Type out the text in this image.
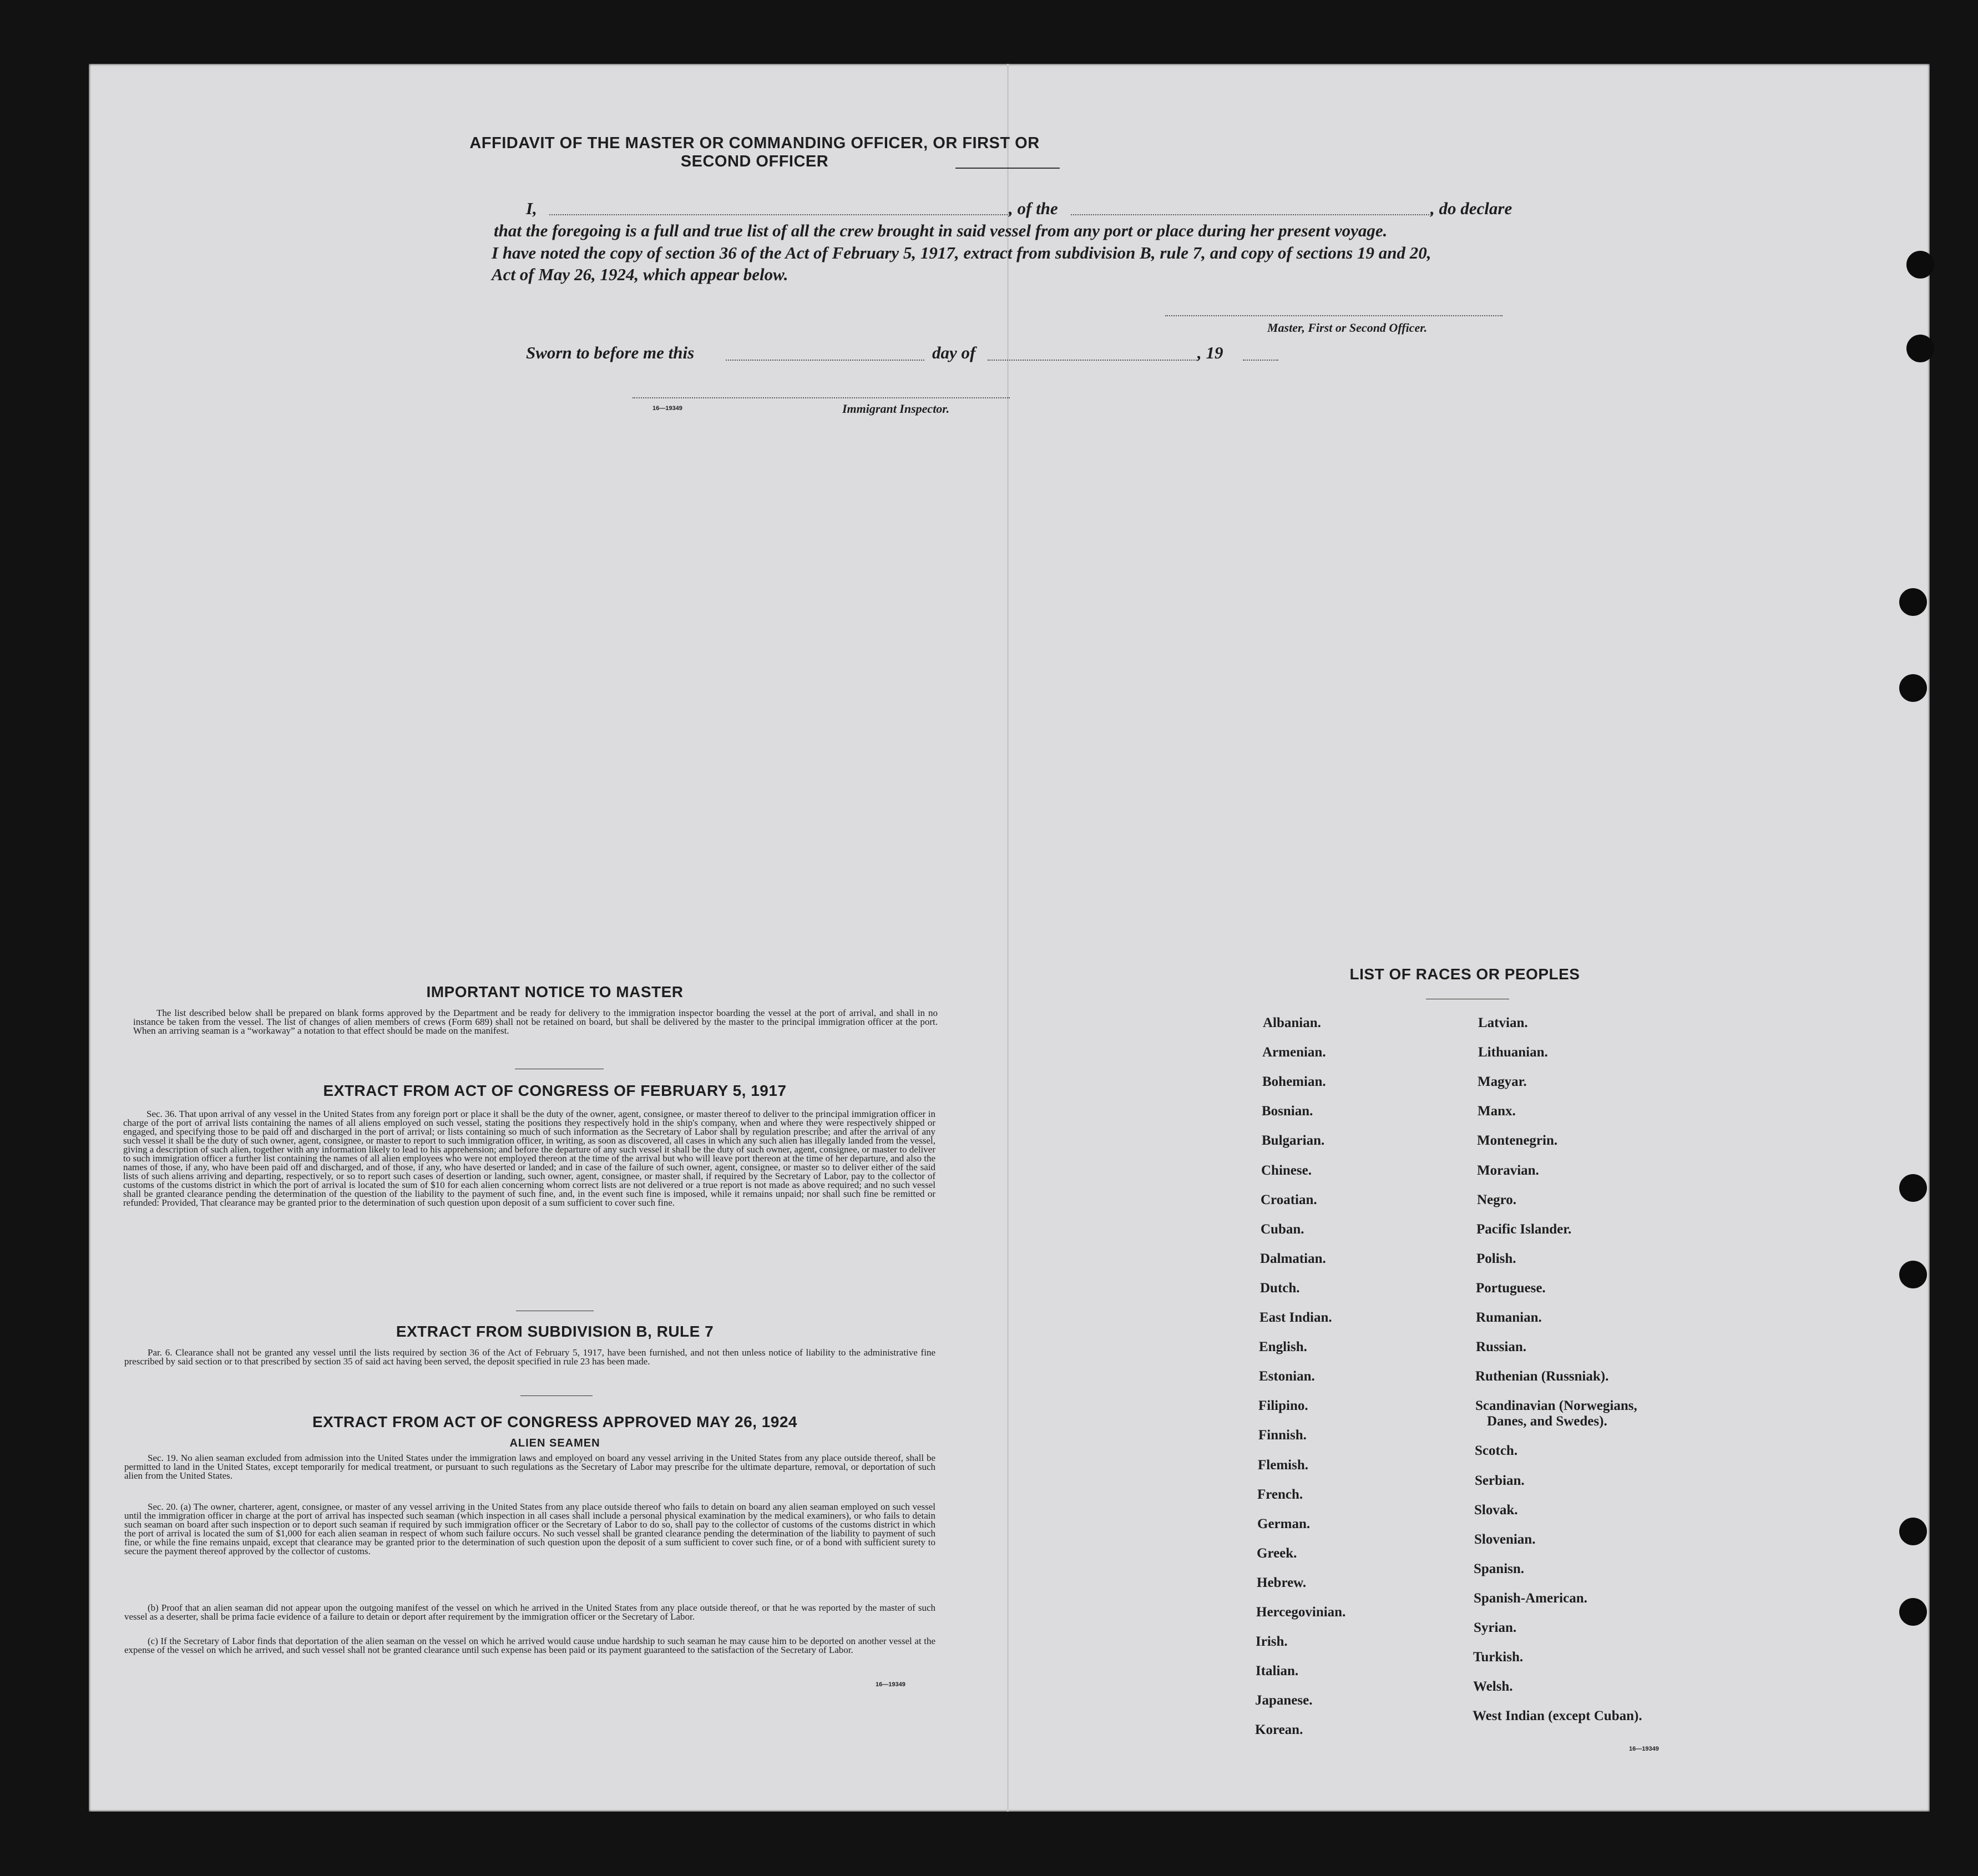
AFFIDAVIT OF THE MASTER OR COMMANDING OFFICER, OR FIRST OR SECOND OFFICER
I,	, of the	, do declare
that the foregoing is a full and true list of all the crew brought in said vessel from any port or place during her present voyage.
I have noted the copy of section 36 of the Act of February 5, 1917, extract from subdivision B, rule 7, and copy of sections 19 and 20,
Act of May 26, 1924, which appear below.
Master, First or Second Officer.
Sworn to before me this	day of	, 19
16—19349	Immigrant Inspector.
IMPORTANT NOTICE TO MASTER

The list described below shall be prepared on blank forms approved by the Department and be ready for delivery to the immigration inspector boarding the vessel at the port of arrival, and shall in no instance be taken from the vessel. The list of changes of alien members of crews (Form 689) shall not be retained on board, but shall be delivered by the master to the principal immigration officer at the port. When an arriving seaman is a “workaway” a notation to that effect should be made on the manifest.

EXTRACT FROM ACT OF CONGRESS OF FEBRUARY 5, 1917

Sec. 36. That upon arrival of any vessel in the United States from any foreign port or place it shall be the duty of the owner, agent, consignee, or master thereof to deliver to the principal immigration officer in charge of the port of arrival lists containing the names of all aliens employed on such vessel, stating the positions they respectively hold in the ship's company, when and where they were respectively shipped or engaged, and specifying those to be paid off and discharged in the port of arrival; or lists containing so much of such information as the Secretary of Labor shall by regulation prescribe; and after the arrival of any such vessel it shall be the duty of such owner, agent, consignee, or master to report to such immigration officer, in writing, as soon as discovered, all cases in which any such alien has illegally landed from the vessel, giving a description of such alien, together with any information likely to lead to his apprehension; and before the departure of any such vessel it shall be the duty of such owner, agent, consignee, or master to deliver to such immigration officer a further list containing the names of all alien employees who were not employed thereon at the time of the arrival but who will leave port thereon at the time of her departure, and also the names of those, if any, who have been paid off and discharged, and of those, if any, who have deserted or landed; and in case of the failure of such owner, agent, consignee, or master so to deliver either of the said lists of such aliens arriving and departing, respectively, or so to report such cases of desertion or landing, such owner, agent, consignee, or master shall, if required by the Secretary of Labor, pay to the collector of customs of the customs district in which the port of arrival is located the sum of $10 for each alien concerning whom correct lists are not delivered or a true report is not made as above required; and no such vessel shall be granted clearance pending the determination of the question of the liability to the payment of such fine, and, in the event such fine is imposed, while it remains unpaid; nor shall such fine be remitted or refunded: Provided, That clearance may be granted prior to the determination of such question upon deposit of a sum sufficient to cover such fine.

EXTRACT FROM SUBDIVISION B, RULE 7

Par. 6. Clearance shall not be granted any vessel until the lists required by section 36 of the Act of February 5, 1917, have been furnished, and not then unless notice of liability to the administrative fine prescribed by said section or to that prescribed by section 35 of said act having been served, the deposit specified in rule 23 has been made.

EXTRACT FROM ACT OF CONGRESS APPROVED MAY 26, 1924
ALIEN SEAMEN

Sec. 19. No alien seaman excluded from admission into the United States under the immigration laws and employed on board any vessel arriving in the United States from any place outside thereof, shall be permitted to land in the United States, except temporarily for medical treatment, or pursuant to such regulations as the Secretary of Labor may prescribe for the ultimate departure, removal, or deportation of such alien from the United States.

Sec. 20. (a) The owner, charterer, agent, consignee, or master of any vessel arriving in the United States from any place outside thereof who fails to detain on board any alien seaman employed on such vessel until the immigration officer in charge at the port of arrival has inspected such seaman (which inspection in all cases shall include a personal physical examination by the medical examiners), or who fails to detain such seaman on board after such inspection or to deport such seaman if required by such immigration officer or the Secretary of Labor to do so, shall pay to the collector of customs of the customs district in which the port of arrival is located the sum of $1,000 for each alien seaman in respect of whom such failure occurs. No such vessel shall be granted clearance pending the determination of the liability to payment of such fine, or while the fine remains unpaid, except that clearance may be granted prior to the determination of such question upon the deposit of a sum sufficient to cover such fine, or of a bond with sufficient surety to secure the payment thereof approved by the collector of customs.

(b) Proof that an alien seaman did not appear upon the outgoing manifest of the vessel on which he arrived in the United States from any place outside thereof, or that he was reported by the master of such vessel as a deserter, shall be prima facie evidence of a failure to detain or deport after requirement by the immigration officer or the Secretary of Labor.

(c) If the Secretary of Labor finds that deportation of the alien seaman on the vessel on which he arrived would cause undue hardship to such seaman he may cause him to be deported on another vessel at the expense of the vessel on which he arrived, and such vessel shall not be granted clearance until such expense has been paid or its payment guaranteed to the satisfaction of the Secretary of Labor.

16—19349
LIST OF RACES OR PEOPLES
Albanian.
Armenian.
Bohemian.
Bosnian.
Bulgarian.
Chinese.
Croatian.
Cuban.
Dalmatian.
Dutch.
East Indian.
English.
Estonian.
Filipino.
Finnish.
Flemish.
French.
German.
Greek.
Hebrew.
Hercegovinian.
Irish.
Italian.
Japanese.
Korean.
Latvian.
Lithuanian.
Magyar.
Manx.
Montenegrin.
Moravian.
Negro.
Pacific Islander.
Polish.
Portuguese.
Rumanian.
Russian.
Ruthenian (Russniak).
Scandinavian (Norwegians,
Danes, and Swedes).
Scotch.
Serbian.
Slovak.
Slovenian.
Spanisn.
Spanish-American.
Syrian.
Turkish.
Welsh.
West Indian (except Cuban).
16—19349
